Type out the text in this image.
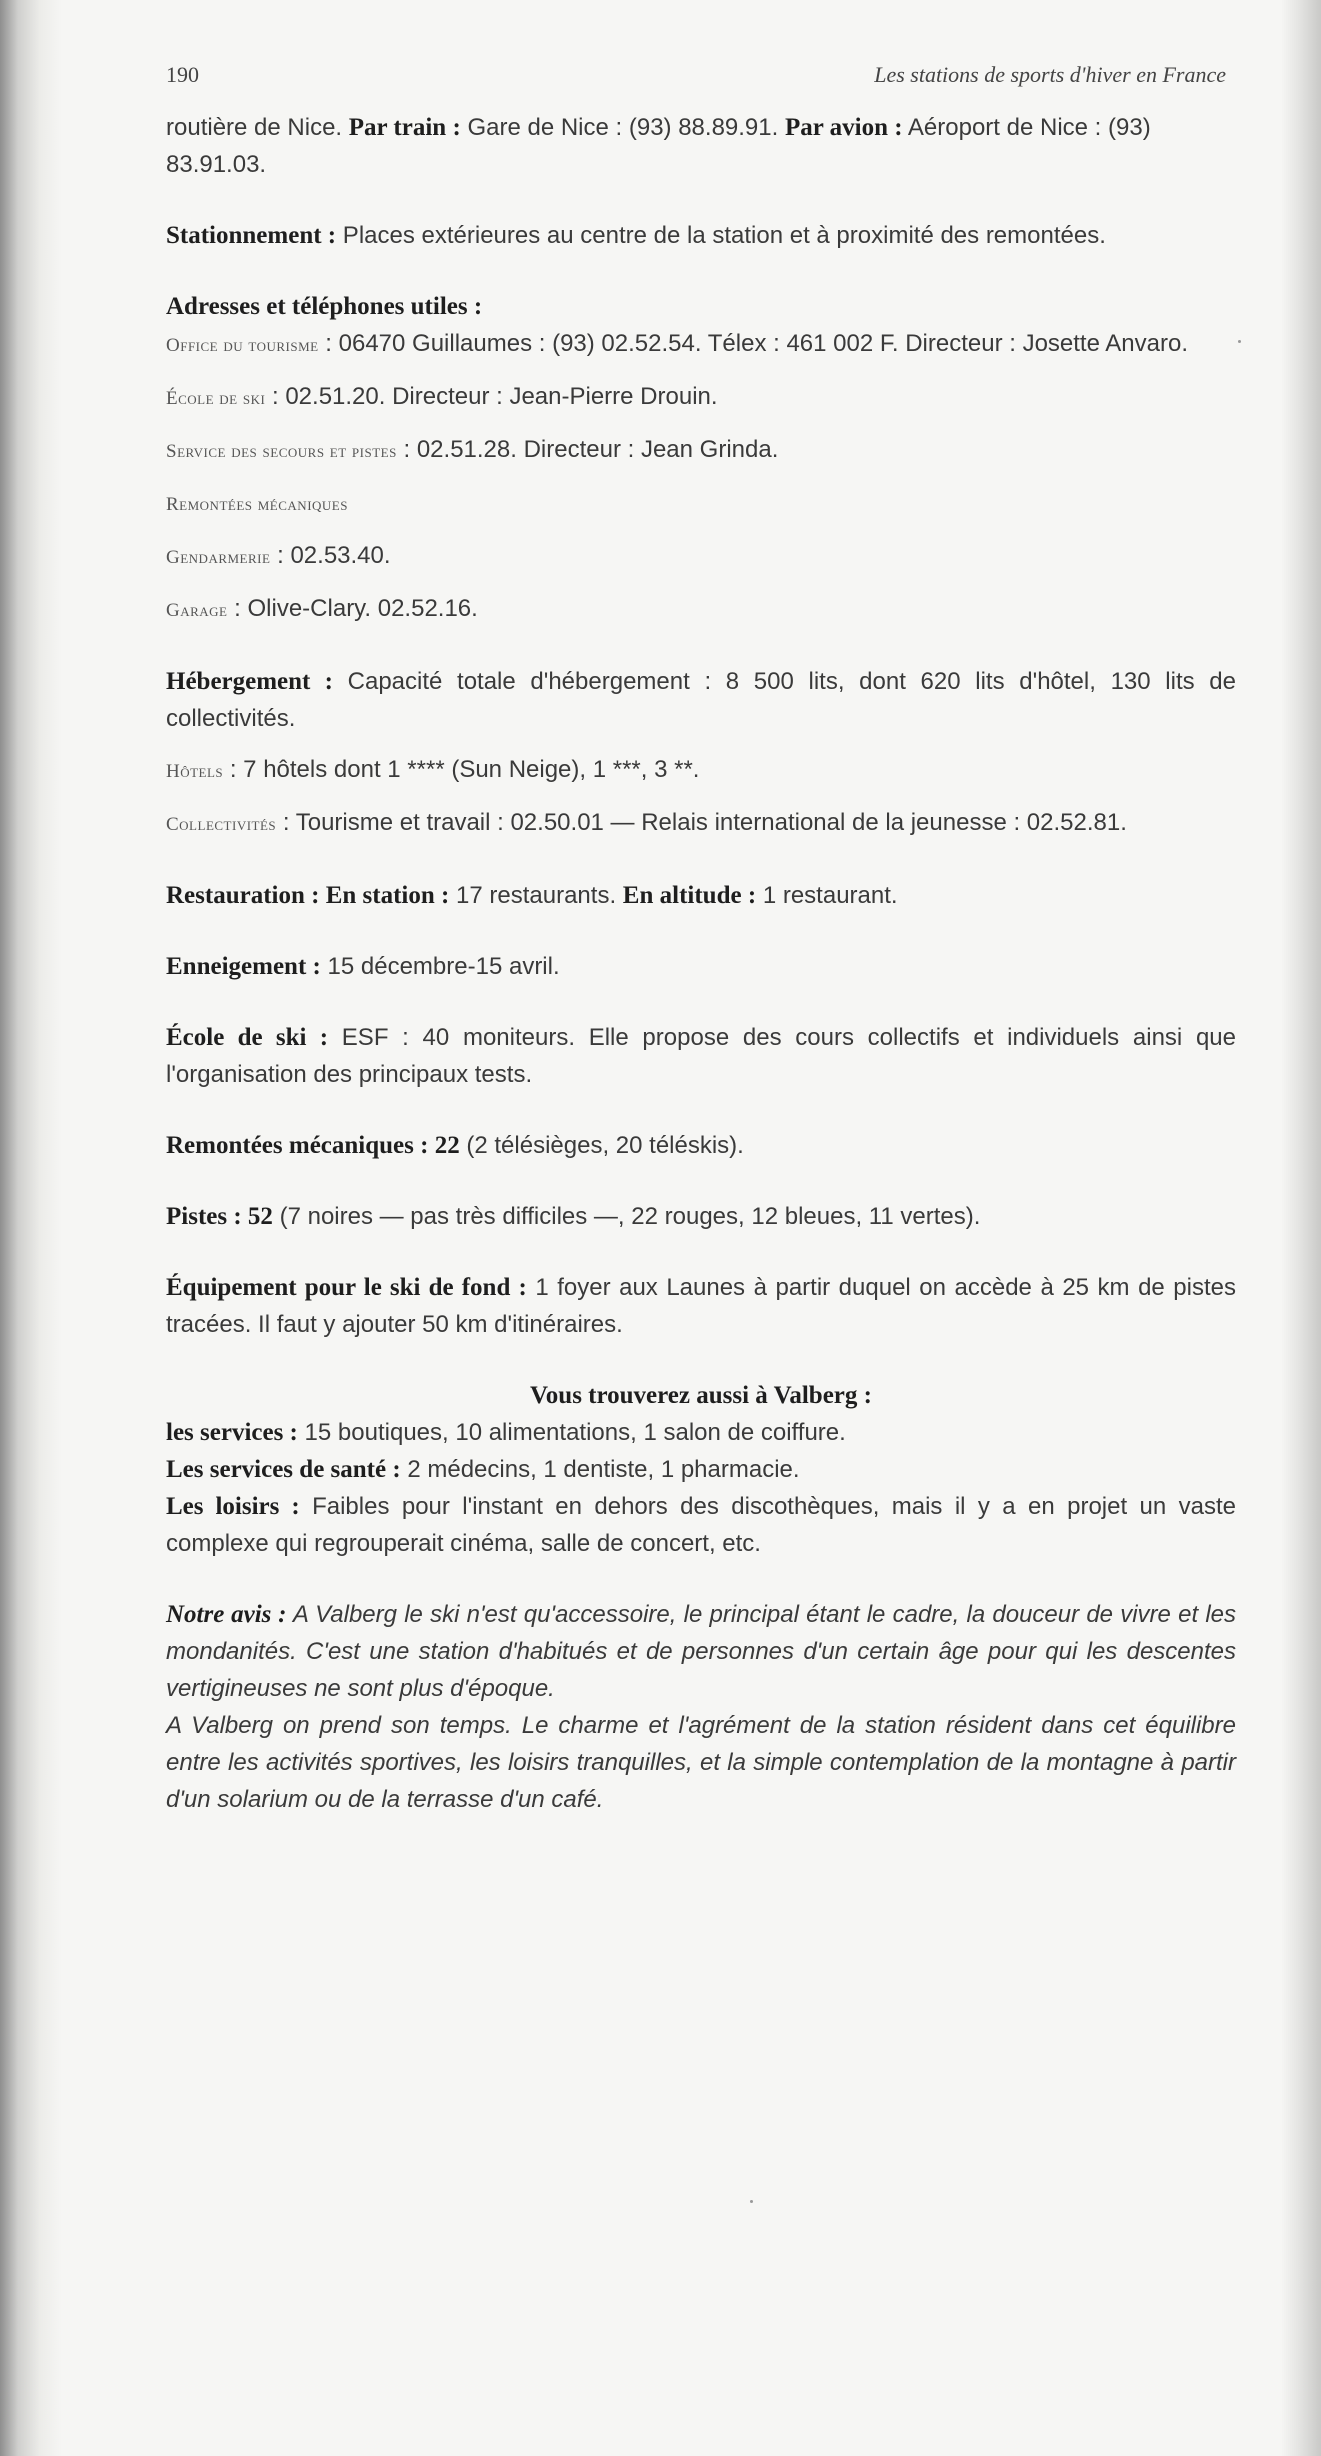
190	Les stations de sports d'hiver en France

routière de Nice. Par train : Gare de Nice : (93) 88.89.91. Par avion : Aéroport de Nice : (93) 83.91.03.

Stationnement : Places extérieures au centre de la station et à proximité des remontées.

Adresses et téléphones utiles :

Office du tourisme : 06470 Guillaumes : (93) 02.52.54. Télex : 461 002 F. Directeur : Josette Anvaro.

École de ski : 02.51.20. Directeur : Jean-Pierre Drouin.

Service des secours et pistes : 02.51.28. Directeur : Jean Grinda.

Remontées mécaniques

Gendarmerie : 02.53.40.

Garage : Olive-Clary. 02.52.16.

Hébergement : Capacité totale d'hébergement : 8 500 lits, dont 620 lits d'hôtel, 130 lits de collectivités.

Hôtels : 7 hôtels dont 1 **** (Sun Neige), 1 ***, 3 **.

Collectivités : Tourisme et travail : 02.50.01 — Relais international de la jeunesse : 02.52.81.

Restauration : En station : 17 restaurants. En altitude : 1 restaurant.

Enneigement : 15 décembre-15 avril.

École de ski : ESF : 40 moniteurs. Elle propose des cours collectifs et individuels ainsi que l'organisation des principaux tests.

Remontées mécaniques : 22 (2 télésièges, 20 téléskis).

Pistes : 52 (7 noires — pas très difficiles —, 22 rouges, 12 bleues, 11 vertes).

Équipement pour le ski de fond : 1 foyer aux Launes à partir duquel on accède à 25 km de pistes tracées. Il faut y ajouter 50 km d'itinéraires.

Vous trouverez aussi à Valberg :

les services : 15 boutiques, 10 alimentations, 1 salon de coiffure.

Les services de santé : 2 médecins, 1 dentiste, 1 pharmacie.

Les loisirs : Faibles pour l'instant en dehors des discothèques, mais il y a en projet un vaste complexe qui regrouperait cinéma, salle de concert, etc.

Notre avis : A Valberg le ski n'est qu'accessoire, le principal étant le cadre, la douceur de vivre et les mondanités. C'est une station d'habitués et de personnes d'un certain âge pour qui les descentes vertigineuses ne sont plus d'époque.

A Valberg on prend son temps. Le charme et l'agrément de la station résident dans cet équilibre entre les activités sportives, les loisirs tranquilles, et la simple contemplation de la montagne à partir d'un solarium ou de la terrasse d'un café.
